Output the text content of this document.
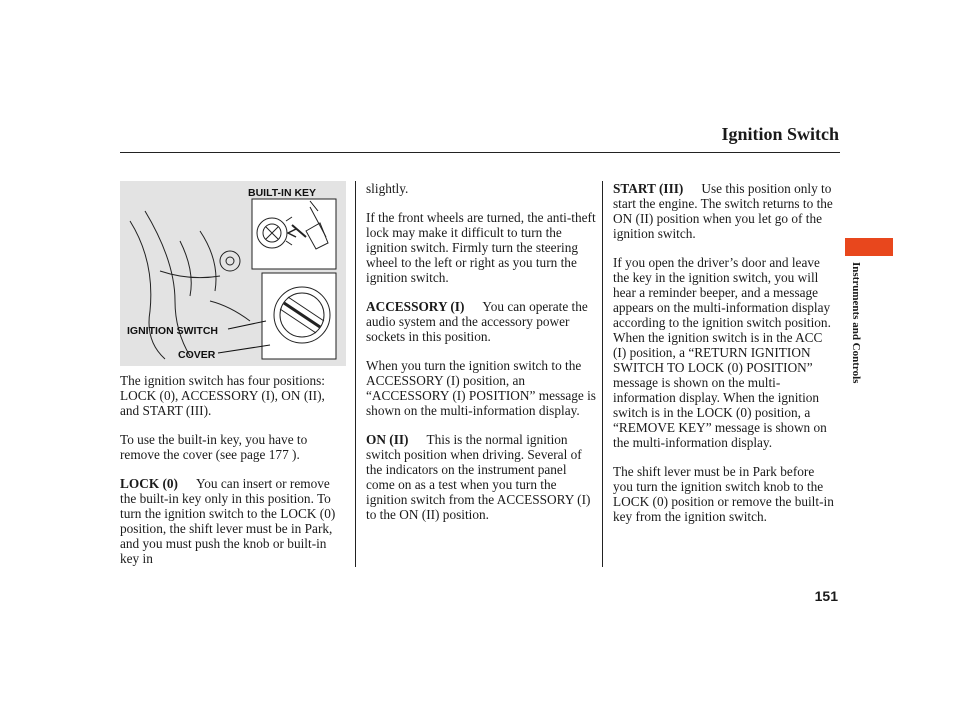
Ignition Switch
BUILT-IN KEY
IGNITION SWITCH
COVER

The ignition switch has four positions: LOCK (0), ACCESSORY (I), ON (II), and START (III).

To use the built-in key, you have to remove the cover (see page 177 ).

LOCK (0) You can insert or remove the built-in key only in this position. To turn the ignition switch to the LOCK (0) position, the shift lever must be in Park, and you must push the knob or built-in key in

slightly.

If the front wheels are turned, the anti-theft lock may make it difficult to turn the ignition switch. Firmly turn the steering wheel to the left or right as you turn the ignition switch.

ACCESSORY (I) You can operate the audio system and the accessory power sockets in this position.

When you turn the ignition switch to the ACCESSORY (I) position, an “ACCESSORY (I) POSITION” message is shown on the multi-information display.

ON (II) This is the normal ignition switch position when driving. Several of the indicators on the instrument panel come on as a test when you turn the ignition switch from the ACCESSORY (I) to the ON (II) position.

START (III) Use this position only to start the engine. The switch returns to the ON (II) position when you let go of the ignition switch.

If you open the driver’s door and leave the key in the ignition switch, you will hear a reminder beeper, and a message appears on the multi-information display according to the ignition switch position. When the ignition switch is in the ACC (I) position, a “RETURN IGNITION SWITCH TO LOCK (0) POSITION” message is shown on the multi-information display. When the ignition switch is in the LOCK (0) position, a “REMOVE KEY” message is shown on the multi-information display.

The shift lever must be in Park before you turn the ignition switch knob to the LOCK (0) position or remove the built-in key from the ignition switch.

Instruments and Controls
151
